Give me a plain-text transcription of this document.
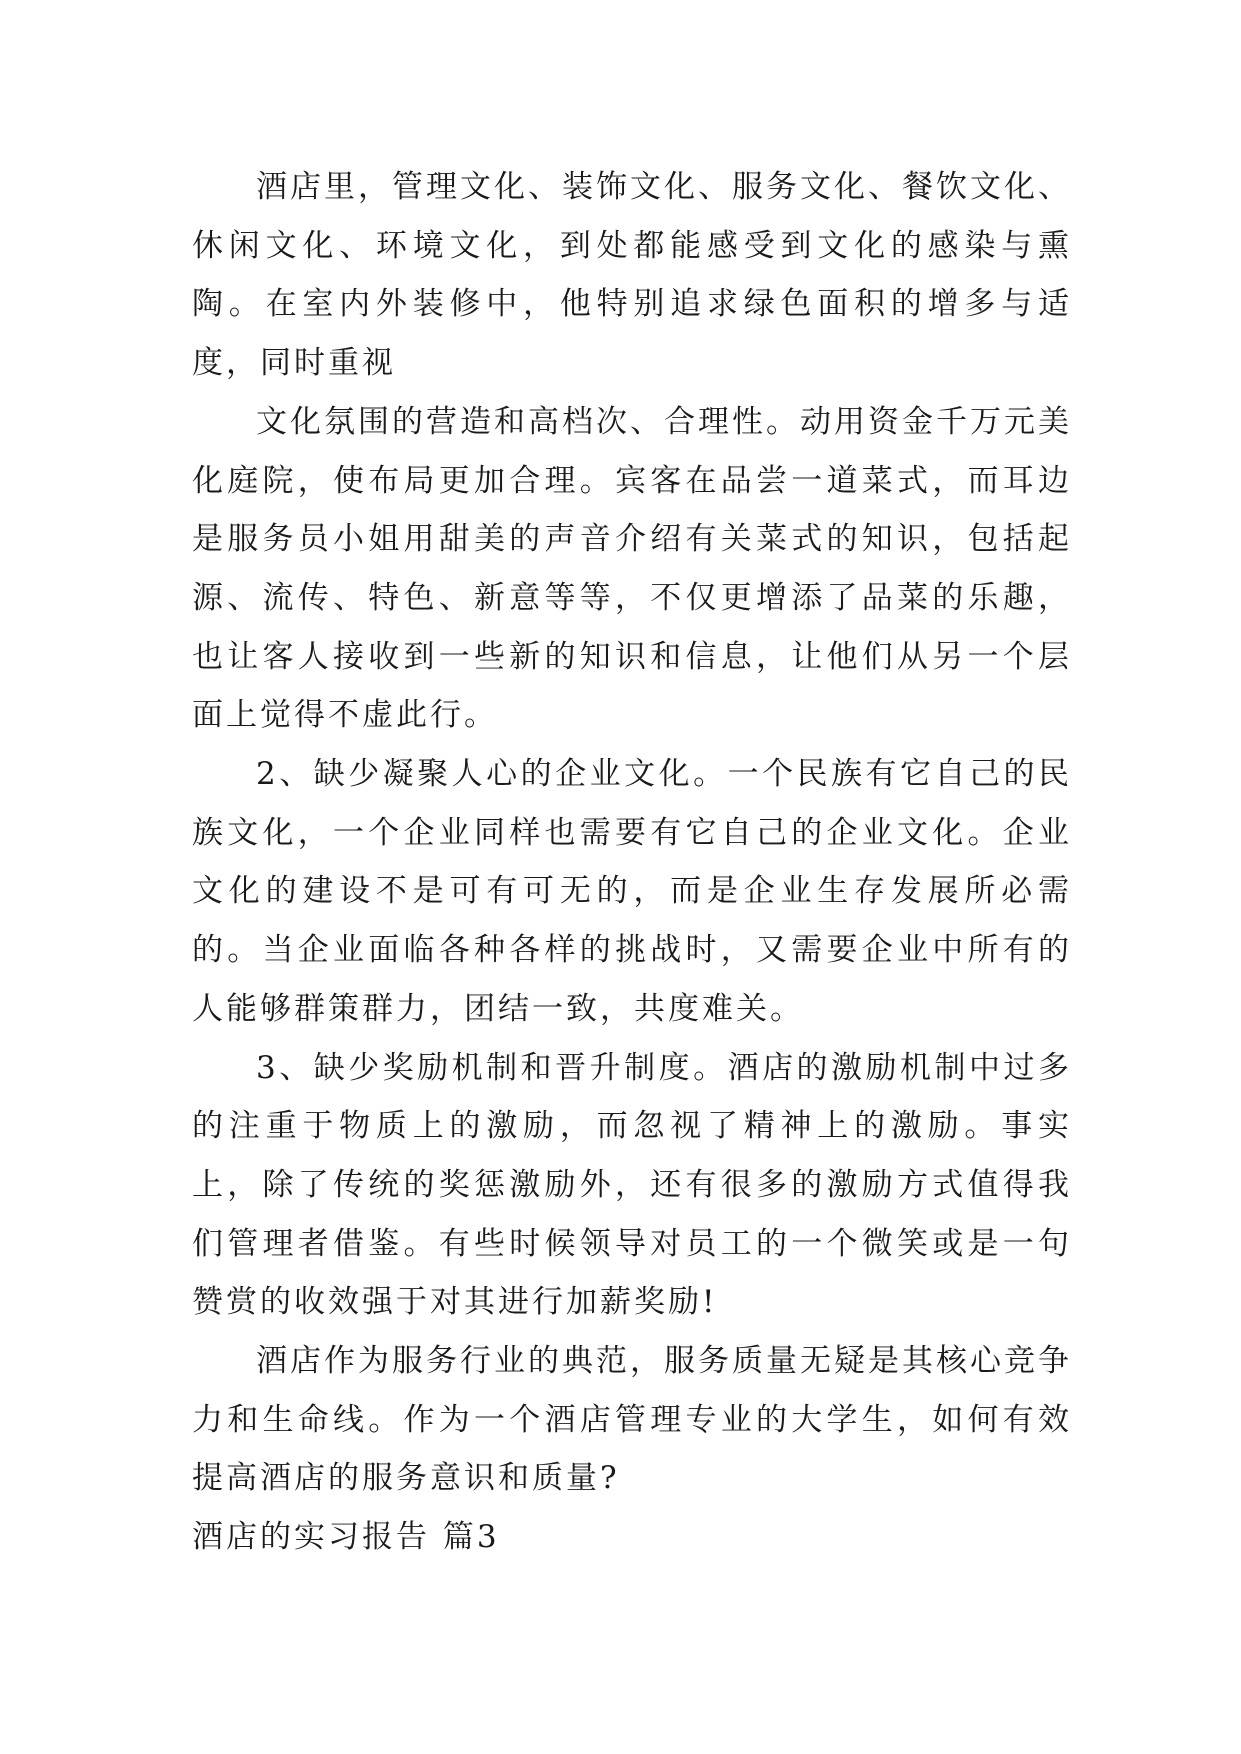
酒店里，管理文化、装饰文化、服务文化、餐饮文化、休闲文化、环境文化，到处都能感受到文化的感染与熏陶。在室内外装修中，他特别追求绿色面积的增多与适度，同时重视

文化氛围的营造和高档次、合理性。动用资金千万元美化庭院，使布局更加合理。宾客在品尝一道菜式，而耳边是服务员小姐用甜美的声音介绍有关菜式的知识，包括起源、流传、特色、新意等等，不仅更增添了品菜的乐趣，也让客人接收到一些新的知识和信息，让他们从另一个层面上觉得不虚此行。

2、缺少凝聚人心的企业文化。一个民族有它自己的民族文化，一个企业同样也需要有它自己的企业文化。企业文化的建设不是可有可无的，而是企业生存发展所必需的。当企业面临各种各样的挑战时，又需要企业中所有的人能够群策群力，团结一致，共度难关。

3、缺少奖励机制和晋升制度。酒店的激励机制中过多的注重于物质上的激励，而忽视了精神上的激励。事实上，除了传统的奖惩激励外，还有很多的激励方式值得我们管理者借鉴。有些时候领导对员工的一个微笑或是一句赞赏的收效强于对其进行加薪奖励!

酒店作为服务行业的典范，服务质量无疑是其核心竞争力和生命线。作为一个酒店管理专业的大学生，如何有效提高酒店的服务意识和质量?

酒店的实习报告 篇3
